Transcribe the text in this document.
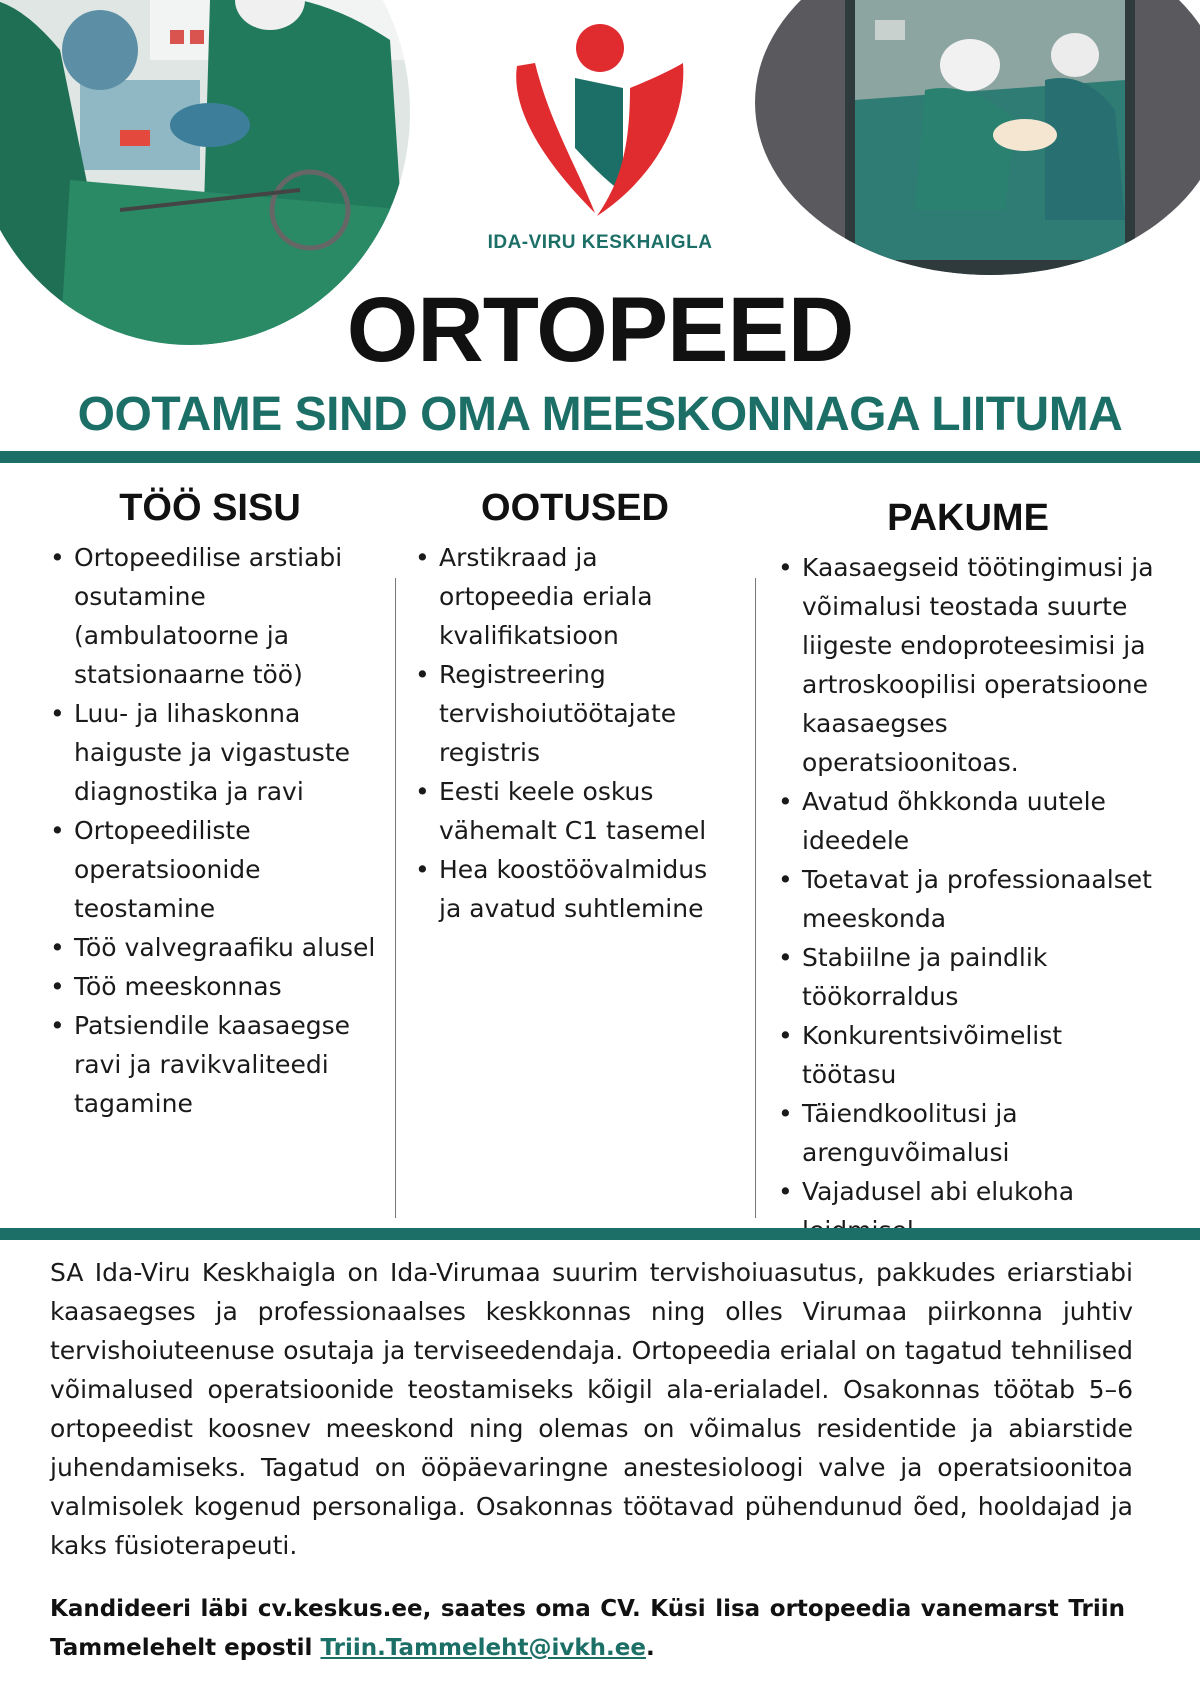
IDA-VIRU KESKHAIGLA
ORTOPEED
OOTAME SIND OMA MEESKONNAGA LIITUMA
TÖÖ SISU
• Ortopeedilise arstiabi osutamine (ambulatoorne ja statsionaarne töö)
• Luu- ja lihaskonna haiguste ja vigastuste diagnostika ja ravi
• Ortopeediliste operatsioonide teostamine
• Töö valvegraafiku alusel
• Töö meeskonnas
• Patsiendile kaasaegse ravi ja ravikvaliteedi tagamine
OOTUSED
• Arstikraad ja ortopeedia eriala kvalifikatsioon
• Registreering tervishoiutöötajate registris
• Eesti keele oskus vähemalt C1 tasemel
• Hea koostöövalmidus ja avatud suhtlemine
PAKUME
• Kaasaegseid töötingimusi ja võimalusi teostada suurte liigeste endoproteesimisi ja artroskoopilisi operatsioone kaasaegses operatsioonitoas.
• Avatud õhkkonda uutele ideedele
• Toetavat ja professionaalset meeskonda
• Stabiilne ja paindlik töökorraldus
• Konkurentsivõimelist töötasu
• Täiendkoolitusi ja arenguvõimalusi
• Vajadusel abi elukoha

SA Ida-Viru Keskhaigla on Ida-Virumaa suurim tervishoiuasutus, pakkudes eriarstiabi kaasaegses ja professionaalses keskkonnas ning olles Virumaa piirkonna juhtiv tervishoiuteenuse osutaja ja terviseedendaja. Ortopeedia erialal on tagatud tehnilised võimalused operatsioonide teostamiseks kõigil ala-erialadel. Osakonnas töötab 5–6 ortopeedist koosnev meeskond ning olemas on võimalus residentide ja abiarstide juhendamiseks. Tagatud on ööpäevaringne anestesioloogi valve ja operatsioonitoa valmisolek kogenud personaliga. Osakonnas töötavad pühendunud õed, hooldajad ja kaks füsioterapeuti.

Kandideeri läbi cv.keskus.ee, saates oma CV. Küsi lisa ortopeedia vanemarst Triin Tammelehelt epostil Triin.Tammeleht@ivkh.ee.
